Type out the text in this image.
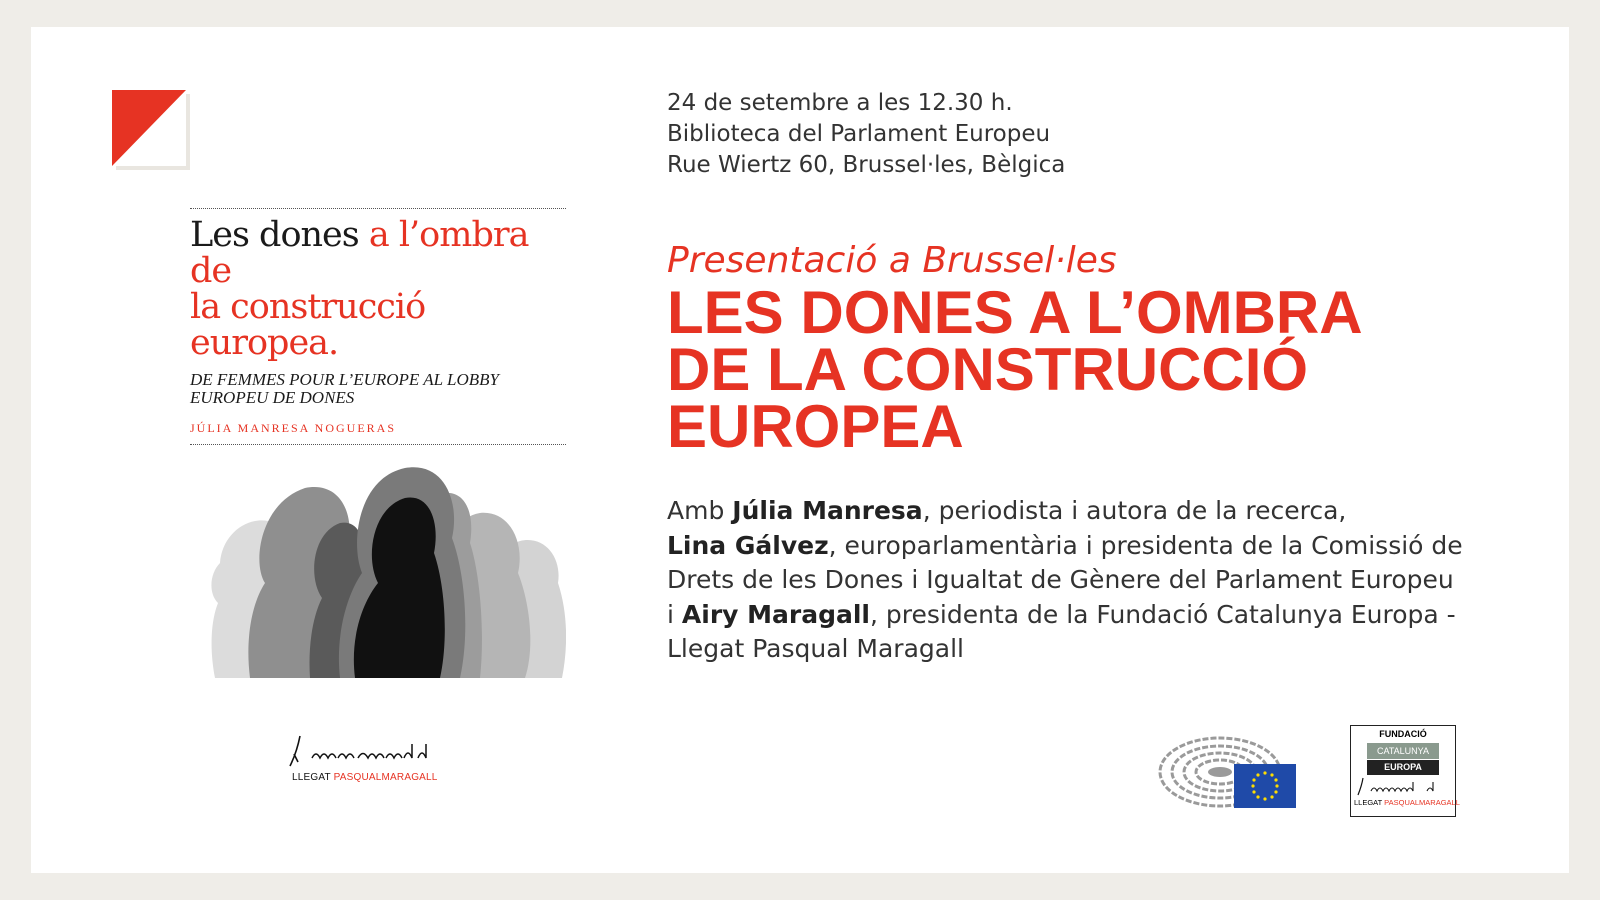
Les dones a l’ombra de
la construcció europea.
DE FEMMES POUR L’EUROPE AL LOBBY
EUROPEU DE DONES
JÚLIA MANRESA NOGUERAS
LLEGAT PASQUALMARAGALL
24 de setembre a les 12.30 h.
Biblioteca del Parlament Europeu
Rue Wiertz 60, Brussel·les, Bèlgica
Presentació a Brussel·les
LES DONES A L’OMBRA
DE LA CONSTRUCCIÓ
EUROPEA
Amb Júlia Manresa, periodista i autora de la recerca,
Lina Gálvez, europarlamentària i presidenta de la Comissió de Drets de les Dones i Igualtat de Gènere del Parlament Europeu i Airy Maragall, presidenta de la Fundació Catalunya Europa - Llegat Pasqual Maragall
FUNDACIÓ
CATALUNYA
EUROPA
LLEGAT PASQUALMARAGALL
